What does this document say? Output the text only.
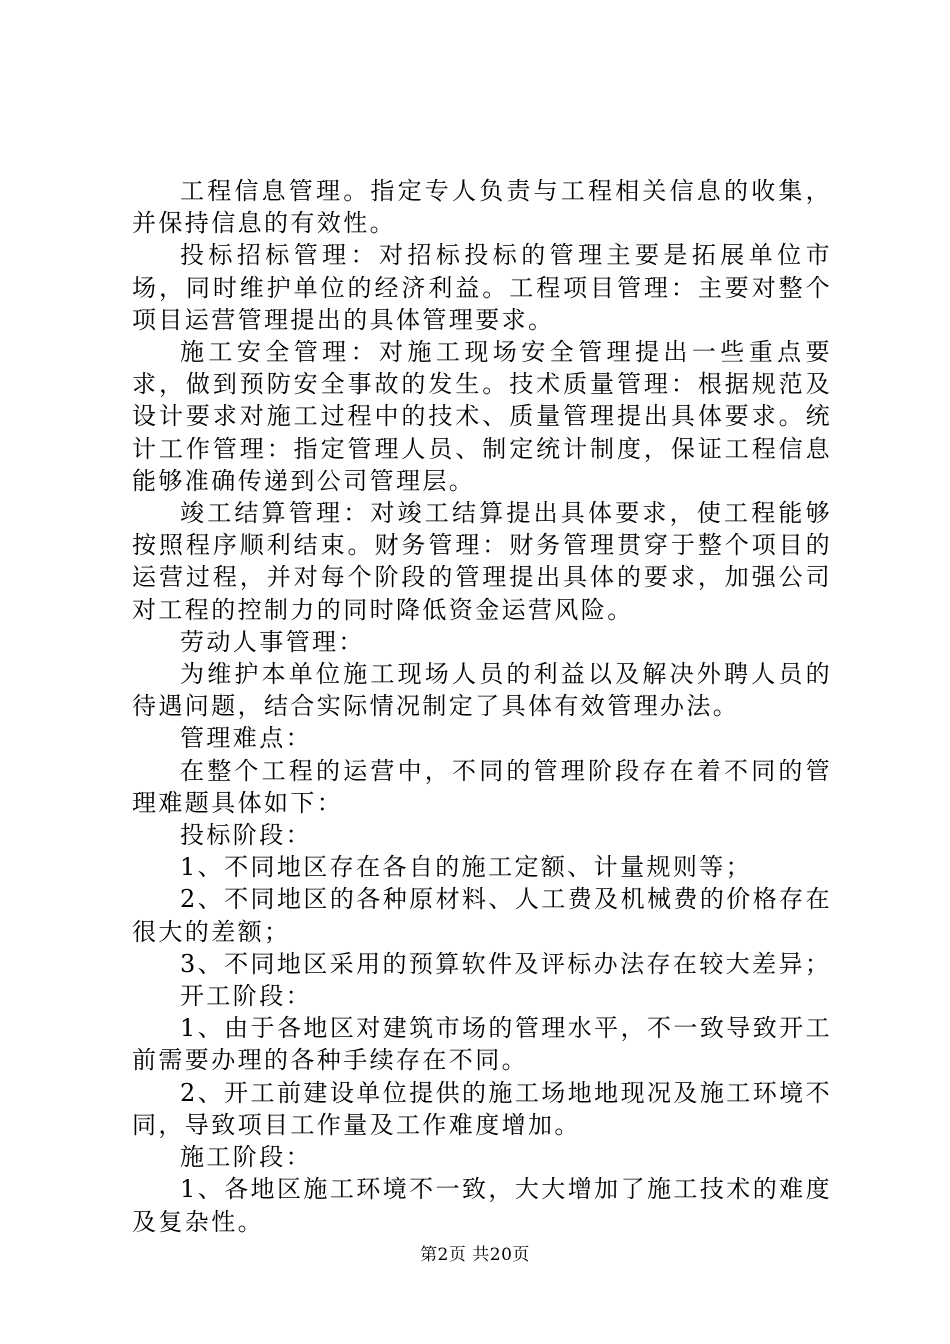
工程信息管理。指定专人负责与工程相关信息的收集，并保持信息的有效性。

投标招标管理：对招标投标的管理主要是拓展单位市场，同时维护单位的经济利益。工程项目管理：主要对整个项目运营管理提出的具体管理要求。

施工安全管理：对施工现场安全管理提出一些重点要求，做到预防安全事故的发生。技术质量管理：根据规范及设计要求对施工过程中的技术、质量管理提出具体要求。统计工作管理：指定管理人员、制定统计制度，保证工程信息能够准确传递到公司管理层。

竣工结算管理：对竣工结算提出具体要求，使工程能够按照程序顺利结束。财务管理：财务管理贯穿于整个项目的运营过程，并对每个阶段的管理提出具体的要求，加强公司对工程的控制力的同时降低资金运营风险。

劳动人事管理：

为维护本单位施工现场人员的利益以及解决外聘人员的待遇问题，结合实际情况制定了具体有效管理办法。

管理难点：

在整个工程的运营中，不同的管理阶段存在着不同的管理难题具体如下：

投标阶段：

1、不同地区存在各自的施工定额、计量规则等；

2、不同地区的各种原材料、人工费及机械费的价格存在很大的差额；

3、不同地区采用的预算软件及评标办法存在较大差异；

开工阶段：

1、由于各地区对建筑市场的管理水平，不一致导致开工前需要办理的各种手续存在不同。

2、开工前建设单位提供的施工场地地现况及施工环境不同，导致项目工作量及工作难度增加。

施工阶段：

1、各地区施工环境不一致，大大增加了施工技术的难度及复杂性。

第2页 共20页
